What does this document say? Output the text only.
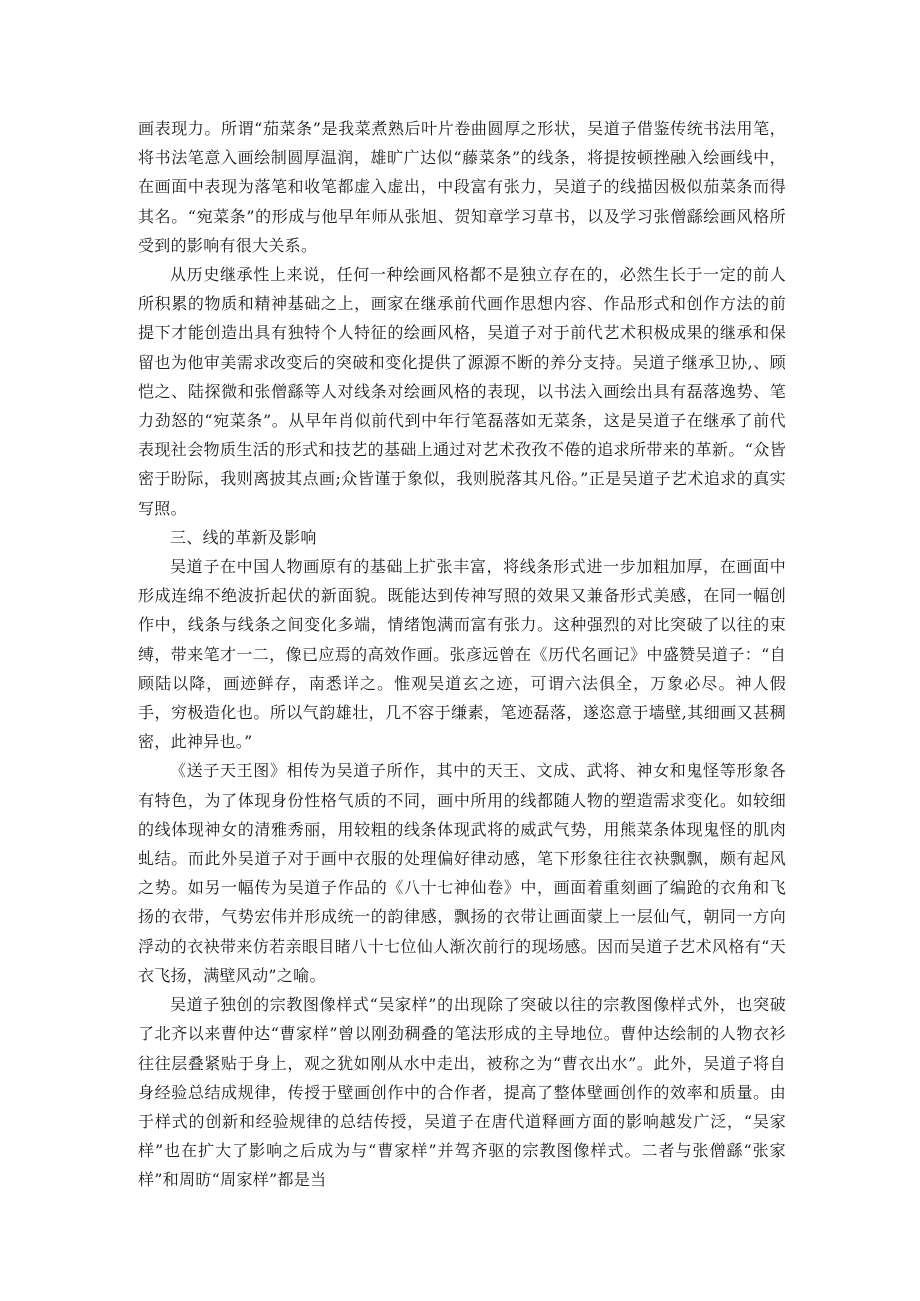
画表现力。所谓“茄菜条”是我菜煮熟后叶片卷曲圆厚之形状，吴道子借鉴传统书法用笔，将书法笔意入画绘制圆厚温润，雄旷广达似“藤菜条”的线条，将提按顿挫融入绘画线中，在画面中表现为落笔和收笔都虚入虚出，中段富有张力，吴道子的线描因极似茄菜条而得其名。“宛菜条”的形成与他早年师从张旭、贺知章学习草书，以及学习张僧繇绘画风格所受到的影响有很大关系。

从历史继承性上来说，任何一种绘画风格都不是独立存在的，必然生长于一定的前人所积累的物质和精神基础之上，画家在继承前代画作思想内容、作品形式和创作方法的前提下才能创造出具有独特个人特征的绘画风格，吴道子对于前代艺术积极成果的继承和保留也为他审美需求改变后的突破和变化提供了源源不断的养分支持。吴道子继承卫协,、顾恺之、陆探微和张僧繇等人对线条对绘画风格的表现，以书法入画绘出具有磊落逸势、笔力劲怒的“宛菜条”。从早年肖似前代到中年行笔磊落如无菜条，这是吴道子在继承了前代表现社会物质生活的形式和技艺的基础上通过对艺术孜孜不倦的追求所带来的革新。“众皆密于盼际，我则离披其点画;众皆谨于象似，我则脱落其凡俗。”正是吴道子艺术追求的真实写照。

三、线的革新及影响

吴道子在中国人物画原有的基础上扩张丰富，将线条形式进一步加粗加厚，在画面中形成连绵不绝波折起伏的新面貌。既能达到传神写照的效果又兼备形式美感，在同一幅创作中，线条与线条之间变化多端，情绪饱满而富有张力。这种强烈的对比突破了以往的束缚，带来笔才一二，像已应焉的高效作画。张彦远曾在《历代名画记》中盛赞吴道子：“自顾陆以降，画迹鲜存，南悉详之。惟观吴道玄之迹，可谓六法俱全，万象必尽。神人假手，穷极造化也。所以气韵雄壮，几不容于缣素，笔迹磊落，遂恣意于墙壁,其细画又甚稠密，此神异也。”

《送子天王图》相传为吴道子所作，其中的天王、文成、武将、神女和鬼怪等形象各有特色，为了体现身份性格气质的不同，画中所用的线都随人物的塑造需求变化。如较细的线体现神女的清雅秀丽，用较粗的线条体现武将的威武气势，用熊菜条体现鬼怪的肌肉虬结。而此外吴道子对于画中衣服的处理偏好律动感，笔下形象往往衣袂飘飘，颇有起风之势。如另一幅传为吴道子作品的《八十七神仙卷》中，画面着重刻画了编跄的衣角和飞扬的衣带，气势宏伟并形成统一的韵律感，飘扬的衣带让画面蒙上一层仙气，朝同一方向浮动的衣袂带来仿若亲眼目睹八十七位仙人渐次前行的现场感。因而吴道子艺术风格有“天衣飞扬，满壁风动”之喻。

吴道子独创的宗教图像样式“吴家样”的出现除了突破以往的宗教图像样式外，也突破了北齐以来曹仲达“曹家样”曾以刚劲稠叠的笔法形成的主导地位。曹仲达绘制的人物衣衫往往层叠紧贴于身上，观之犹如刚从水中走出，被称之为“曹衣出水”。此外，吴道子将自身经验总结成规律，传授于壁画创作中的合作者，提高了整体壁画创作的效率和质量。由于样式的创新和经验规律的总结传授，吴道子在唐代道释画方面的影响越发广泛，“吴家样”也在扩大了影响之后成为与“曹家样”并驾齐驱的宗教图像样式。二者与张僧繇“张家样”和周昉“周家样”都是当
